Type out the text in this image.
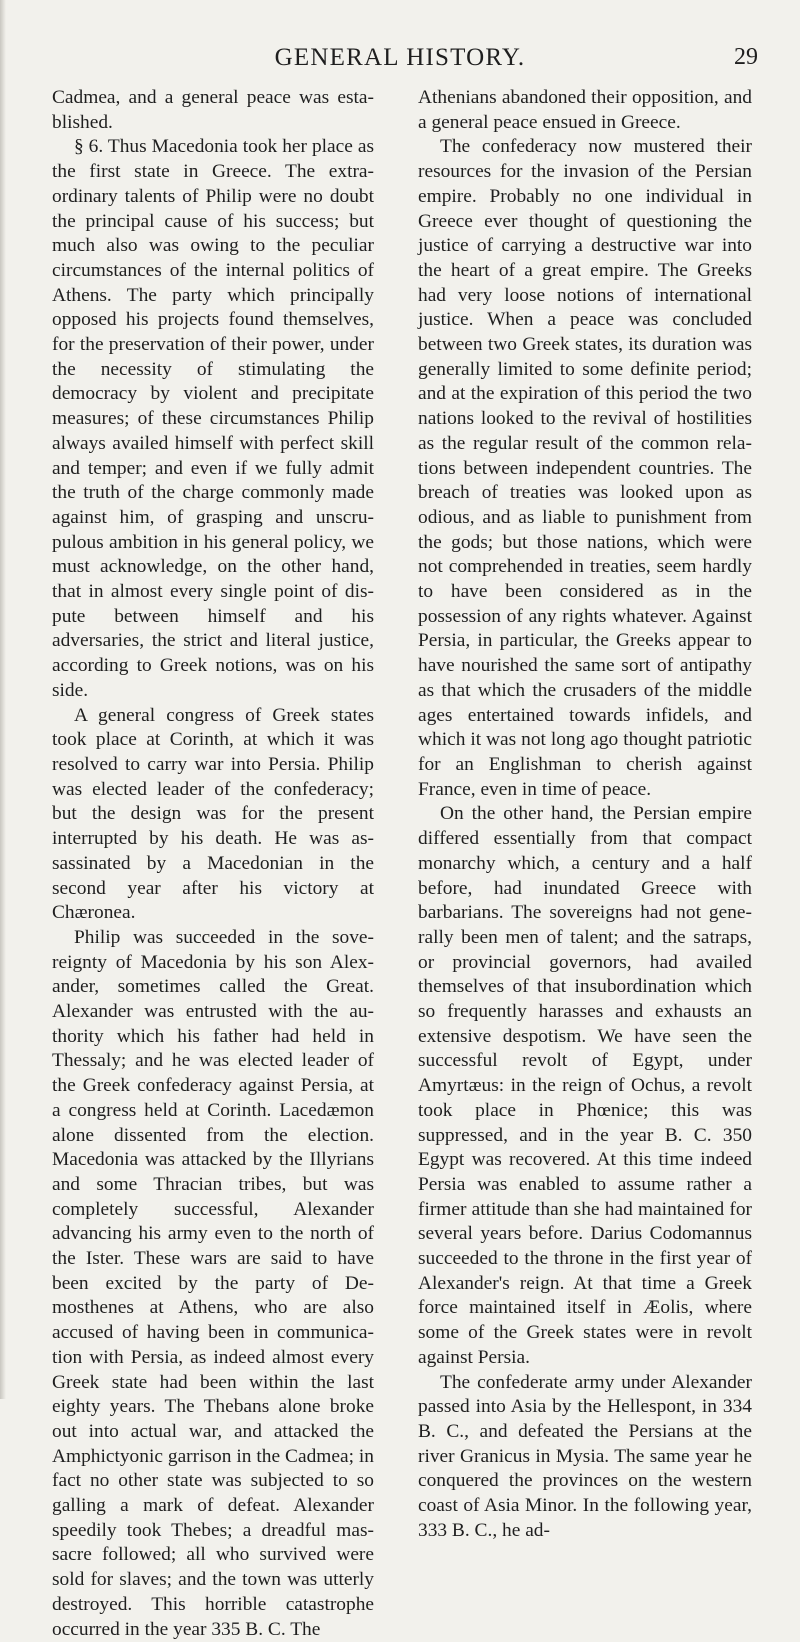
GENERAL HISTORY.	29

Cadmea, and a general peace was established.

§ 6. Thus Macedonia took her place as the first state in Greece. The extraordinary talents of Philip were no doubt the principal cause of his success; but much also was owing to the peculiar circumstances of the internal politics of Athens. The party which principally opposed his projects found themselves, for the preservation of their power, under the necessity of stimulating the democracy by violent and precipitate measures; of these circumstances Philip always availed himself with perfect skill and temper; and even if we fully admit the truth of the charge commonly made against him, of grasping and unscrupulous ambition in his general policy, we must acknowledge, on the other hand, that in almost every single point of dispute between himself and his adversaries, the strict and literal justice, according to Greek notions, was on his side.

A general congress of Greek states took place at Corinth, at which it was resolved to carry war into Persia. Philip was elected leader of the confederacy; but the design was for the present interrupted by his death. He was assassinated by a Macedonian in the second year after his victory at Chæronea.

Philip was succeeded in the sovereignty of Macedonia by his son Alexander, sometimes called the Great. Alexander was entrusted with the authority which his father had held in Thessaly; and he was elected leader of the Greek confederacy against Persia, at a congress held at Corinth. Lacedæmon alone dissented from the election. Macedonia was attacked by the Illyrians and some Thracian tribes, but was completely successful, Alexander advancing his army even to the north of the Ister. These wars are said to have been excited by the party of Demosthenes at Athens, who are also accused of having been in communication with Persia, as indeed almost every Greek state had been within the last eighty years. The Thebans alone broke out into actual war, and attacked the Amphictyonic garrison in the Cadmea; in fact no other state was subjected to so galling a mark of defeat. Alexander speedily took Thebes; a dreadful massacre followed; all who survived were sold for slaves; and the town was utterly destroyed. This horrible catastrophe occurred in the year 335 B. C. The

Athenians abandoned their opposition, and a general peace ensued in Greece.

The confederacy now mustered their resources for the invasion of the Persian empire. Probably no one individual in Greece ever thought of questioning the justice of carrying a destructive war into the heart of a great empire. The Greeks had very loose notions of international justice. When a peace was concluded between two Greek states, its duration was generally limited to some definite period; and at the expiration of this period the two nations looked to the revival of hostilities as the regular result of the common relations between independent countries. The breach of treaties was looked upon as odious, and as liable to punishment from the gods; but those nations, which were not comprehended in treaties, seem hardly to have been considered as in the possession of any rights whatever. Against Persia, in particular, the Greeks appear to have nourished the same sort of antipathy as that which the crusaders of the middle ages entertained towards infidels, and which it was not long ago thought patriotic for an Englishman to cherish against France, even in time of peace.

On the other hand, the Persian empire differed essentially from that compact monarchy which, a century and a half before, had inundated Greece with barbarians. The sovereigns had not generally been men of talent; and the satraps, or provincial governors, had availed themselves of that insubordination which so frequently harasses and exhausts an extensive despotism. We have seen the successful revolt of Egypt, under Amyrtæus: in the reign of Ochus, a revolt took place in Phœnice; this was suppressed, and in the year B. C. 350 Egypt was recovered. At this time indeed Persia was enabled to assume rather a firmer attitude than she had maintained for several years before. Darius Codomannus succeeded to the throne in the first year of Alexander's reign. At that time a Greek force maintained itself in Æolis, where some of the Greek states were in revolt against Persia.

The confederate army under Alexander passed into Asia by the Hellespont, in 334 B. C., and defeated the Persians at the river Granicus in Mysia. The same year he conquered the provinces on the western coast of Asia Minor. In the following year, 333 B. C., he ad-
